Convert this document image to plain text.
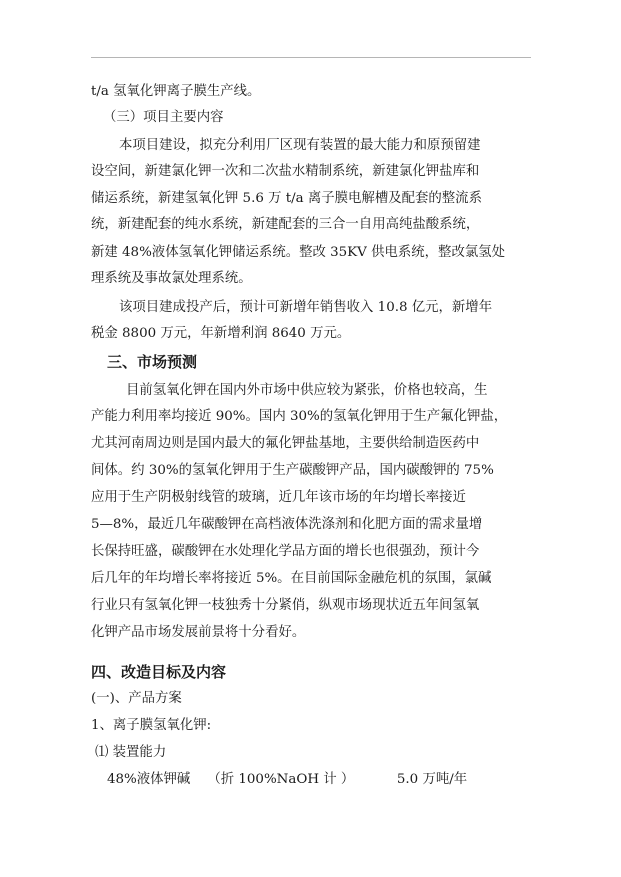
t/a 氢氧化钾离子膜生产线。
（三）项目主要内容
本项目建设，拟充分利用厂区现有装置的最大能力和原预留建
设空间，新建氯化钾一次和二次盐水精制系统，新建氯化钾盐库和
储运系统，新建氢氧化钾 5.6 万 t/a 离子膜电解槽及配套的整流系
统，新建配套的纯水系统，新建配套的三合一自用高纯盐酸系统，
新建 48%液体氢氧化钾储运系统。整改 35KV 供电系统，整改氯氢处
理系统及事故氯处理系统。
该项目建成投产后，预计可新增年销售收入 10.8 亿元，新增年
税金 8800 万元，年新增利润 8640 万元。
三、市场预测
目前氢氧化钾在国内外市场中供应较为紧张，价格也较高，生
产能力利用率均接近 90%。国内 30%的氢氧化钾用于生产氟化钾盐，
尤其河南周边则是国内最大的氟化钾盐基地，主要供给制造医药中
间体。约 30%的氢氧化钾用于生产碳酸钾产品，国内碳酸钾的 75%
应用于生产阴极射线管的玻璃，近几年该市场的年均增长率接近
5—8%，最近几年碳酸钾在高档液体洗涤剂和化肥方面的需求量增
长保持旺盛，碳酸钾在水处理化学品方面的增长也很强劲，预计今
后几年的年均增长率将接近 5%。在目前国际金融危机的氛围，氯碱
行业只有氢氧化钾一枝独秀十分紧俏，纵观市场现状近五年间氢氧
化钾产品市场发展前景将十分看好。
四、改造目标及内容
(一)、产品方案
1、离子膜氢氧化钾:
⑴ 装置能力
48%液体钾碱    （折 100%NaOH 计 ）          5.0 万吨/年
